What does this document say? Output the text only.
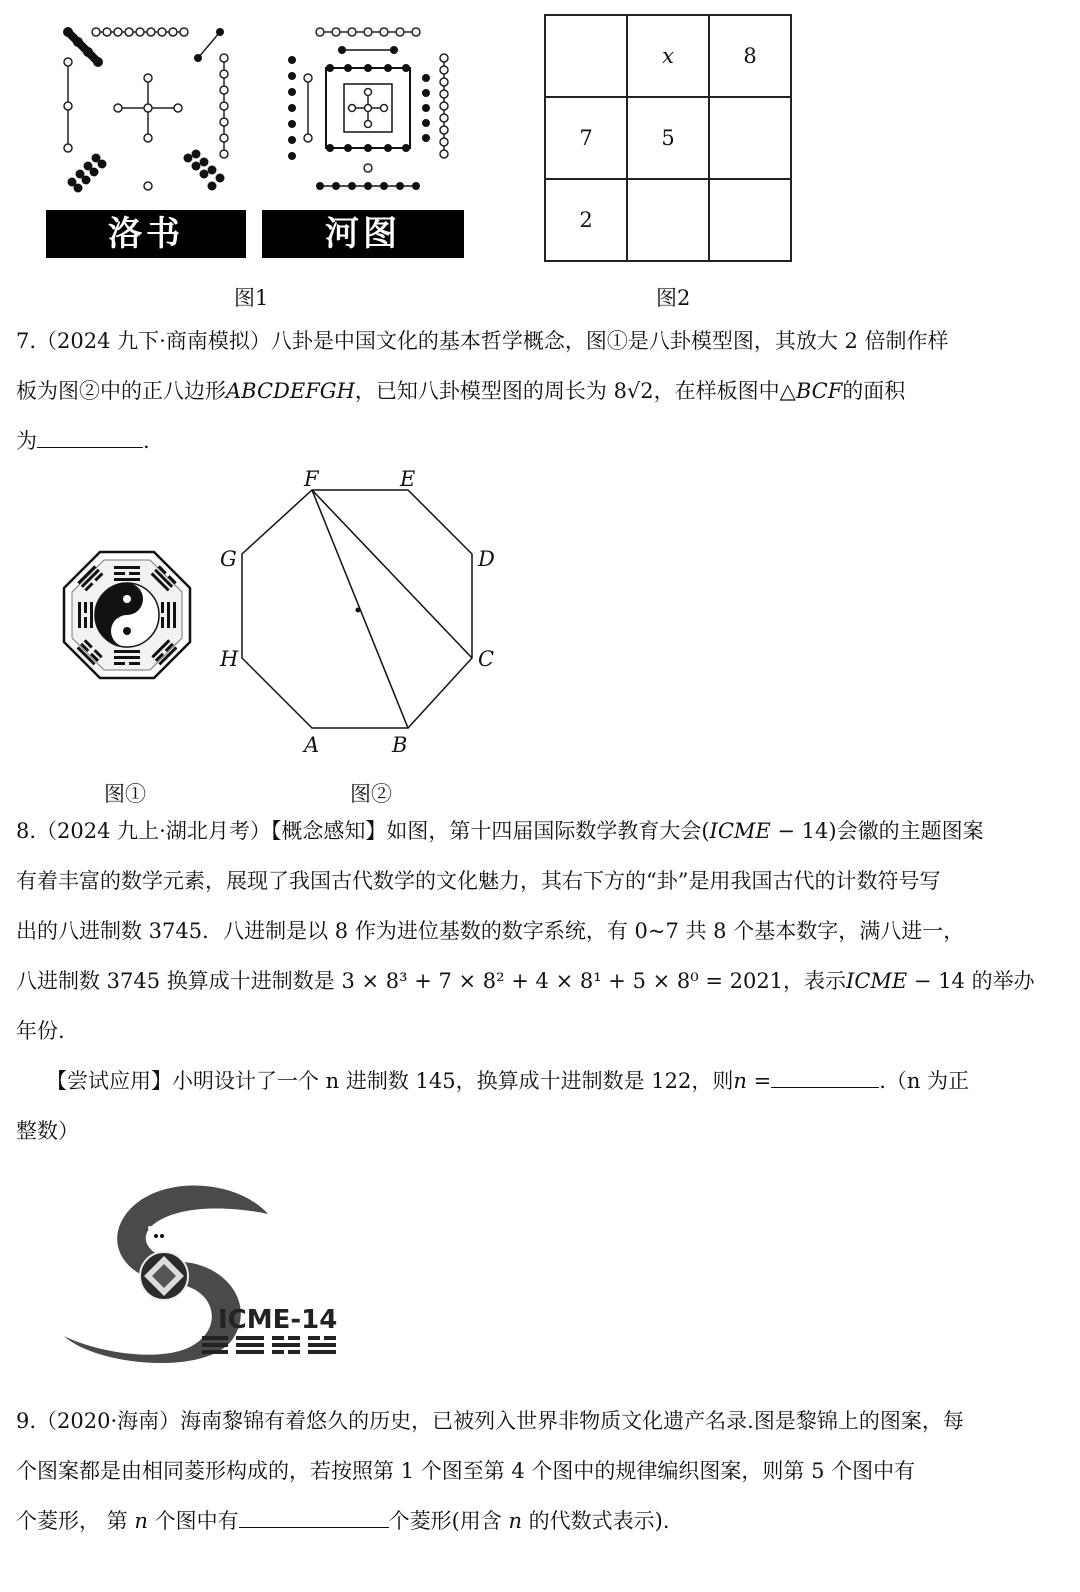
洛书	河图
图1
	x	8
7	5	
2		
图2
7.（2024 九下·商南模拟）八卦是中国文化的基本哲学概念，图①是八卦模型图，其放大 2 倍制作样
板为图②中的正八边形ABCDEFGH，已知八卦模型图的周长为 8√2，在样板图中△BCF的面积
为	.
图①
F	E
D
C
B
A
H
G
图②
8.（2024 九上·湖北月考）【概念感知】如图，第十四届国际数学教育大会(ICME − 14)会徽的主题图案
有着丰富的数学元素，展现了我国古代数学的文化魅力，其右下方的“卦”是用我国古代的计数符号写
出的八进制数 3745．八进制是以 8 作为进位基数的数字系统，有 0~7 共 8 个基本数字，满八进一，
八进制数 3745 换算成十进制数是 3 × 8³ + 7 × 8² + 4 × 8¹ + 5 × 8⁰ = 2021，表示ICME − 14 的举办
年份.
【尝试应用】小明设计了一个 n 进制数 145，换算成十进制数是 122，则n =	.（n 为正
整数）
ICME-14
9.（2020·海南）海南黎锦有着悠久的历史，已被列入世界非物质文化遗产名录.图是黎锦上的图案，每
个图案都是由相同菱形构成的，若按照第 1 个图至第 4 个图中的规律编织图案，则第 5 个图中有
个菱形， 第 n 个图中有	个菱形(用含 n 的代数式表示).
